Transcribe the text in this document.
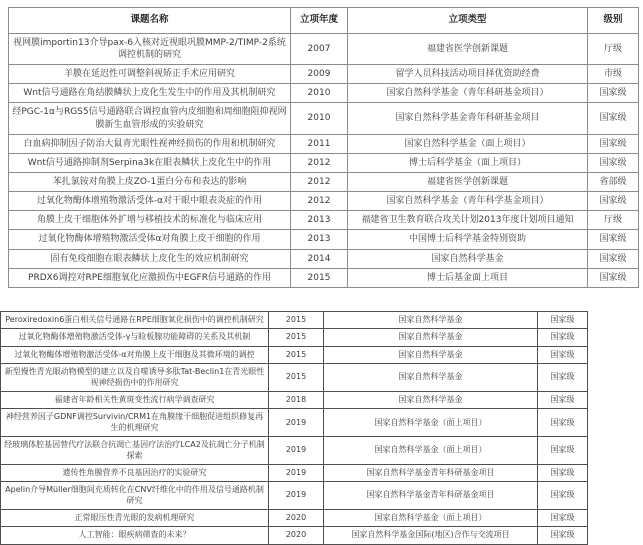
课题名称	立项年度	立项类型	级别
视网膜importin13介导pax-6入核对近视眼巩膜MMP-2/TIMP-2系统调控机制的研究	2007	福建省医学创新课题	厅级
羊膜在延迟性可调整斜视矫正手术应用研究	2009	留学人员科技活动项目择优资助经费	市级
Wnt信号通路在角结膜鳞状上皮化生发生中的作用及其机制研究	2010	国家自然科学基金（青年科研基金项目）	国家级
经PGC-1α与RGS5信号通路联合调控血管内皮细胞和周细胞阻抑视网膜新生血管形成的实验研究	2010	国家自然科学基金青年科研基金项目	国家级
白血病抑制因子防治大鼠青光眼性视神经损伤的作用和机制研究	2011	国家自然科学基金（面上项目）	国家级
Wnt信号通路抑制剂Serpina3k在眼表鳞状上皮化生中的作用	2012	博士后科学基金（面上项目）	国家级
苯扎氯铵对角膜上皮ZO-1蛋白分布和表达的影响	2012	福建省医学创新课题	省部级
过氧化物酶体增殖物激活受体-α对干眼中眼表炎症的作用	2012	国家自然科学基金（青年科学基金项目）	国家级
角膜上皮干细胞体外扩增与移植技术的标准化与临床应用	2013	福建省卫生教育联合攻关计划2013年度计划项目通知	厅级
过氧化物酶体增殖物激活受体α对角膜上皮干细胞的作用	2013	中国博士后科学基金特别资助	国家级
固有免疫细胞在眼表鳞状上皮化生的效应机制研究	2014	国家自然科学基金	国家级
PRDX6调控对RPE细胞氧化应激损伤中EGFR信号通路的作用	2015	博士后基金面上项目	国家级
Peroxiredoxin6蛋白相关信号通路在RPE细胞氧化损伤中的调控机制研究	2015	国家自然科学基金	国家级
过氧化物酶体增殖物激活受体-γ与睑板腺功能障碍的关系及其机制	2015	国家自然科学基金	国家级
过氧化物酶体增殖物激活受体-α对角膜上皮干细胞及其微环境的调控	2015	国家自然科学基金	国家级
新型慢性青光眼动物模型的建立以及自噬诱导多肽Tat-Beclin1在青光眼性视神经损伤中的作用研究	2015	国家自然科学基金	国家级
福建省年龄相关性黄斑变性流行病学调查研究	2018	国家自然科学基金	国家级
神经营养因子GDNF调控Survivin/CRM1在角膜缘干细胞促进组织修复再生的机理研究	2019	国家自然科学基金（面上项目）	国家级
经玻璃体腔基因替代疗法联合抗凋亡基因疗法治疗LCA2及抗凋亡分子机制探索	2019	国家自然科学基金（面上项目）	国家级
遗传性角膜营养不良基因治疗的实验研究	2019	国家自然科学基金青年科研基金项目	国家级
Apelin介导Müller细胞间充质转化在CNV纤维化中的作用及信号通路机制研究	2019	国家自然科学基金青年科研基金项目	国家级
正常眼压性青光眼的发病机理研究	2020	国家自然科学基金（面上项目）	国家级
人工智能：眼疾病筛查的未来？	2020	国家自然科学基金国际(地区)合作与交流项目	国家级
